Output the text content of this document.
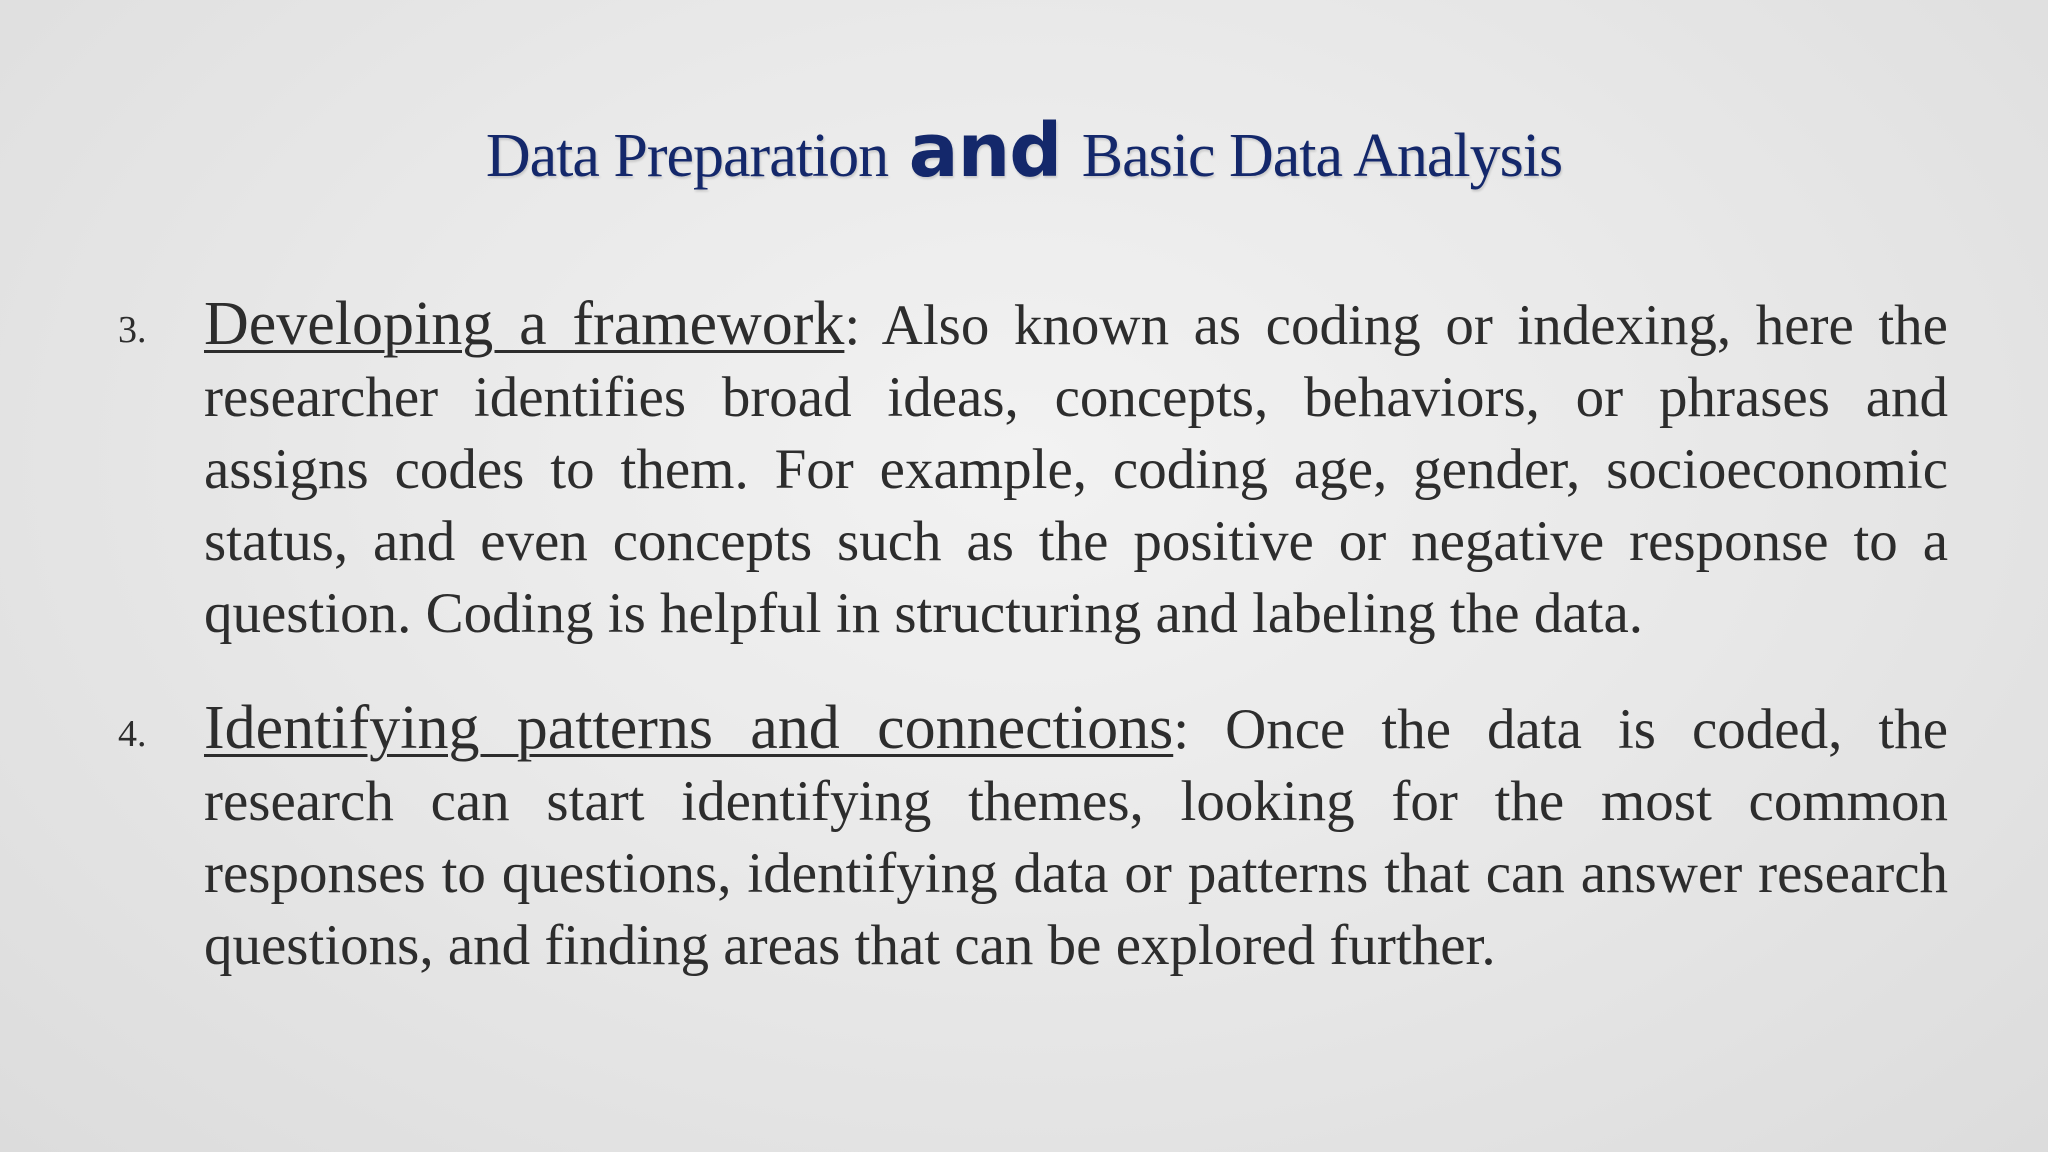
Data Preparation and Basic Data Analysis
3. Developing a framework: Also known as coding or indexing, here the researcher identifies broad ideas, concepts, behaviors, or phrases and assigns codes to them. For example, coding age, gender, socioeconomic status, and even concepts such as the positive or negative response to a question. Coding is helpful in structuring and labeling the data.
4. Identifying patterns and connections: Once the data is coded, the research can start identifying themes, looking for the most common responses to questions, identifying data or patterns that can answer research questions, and finding areas that can be explored further.
